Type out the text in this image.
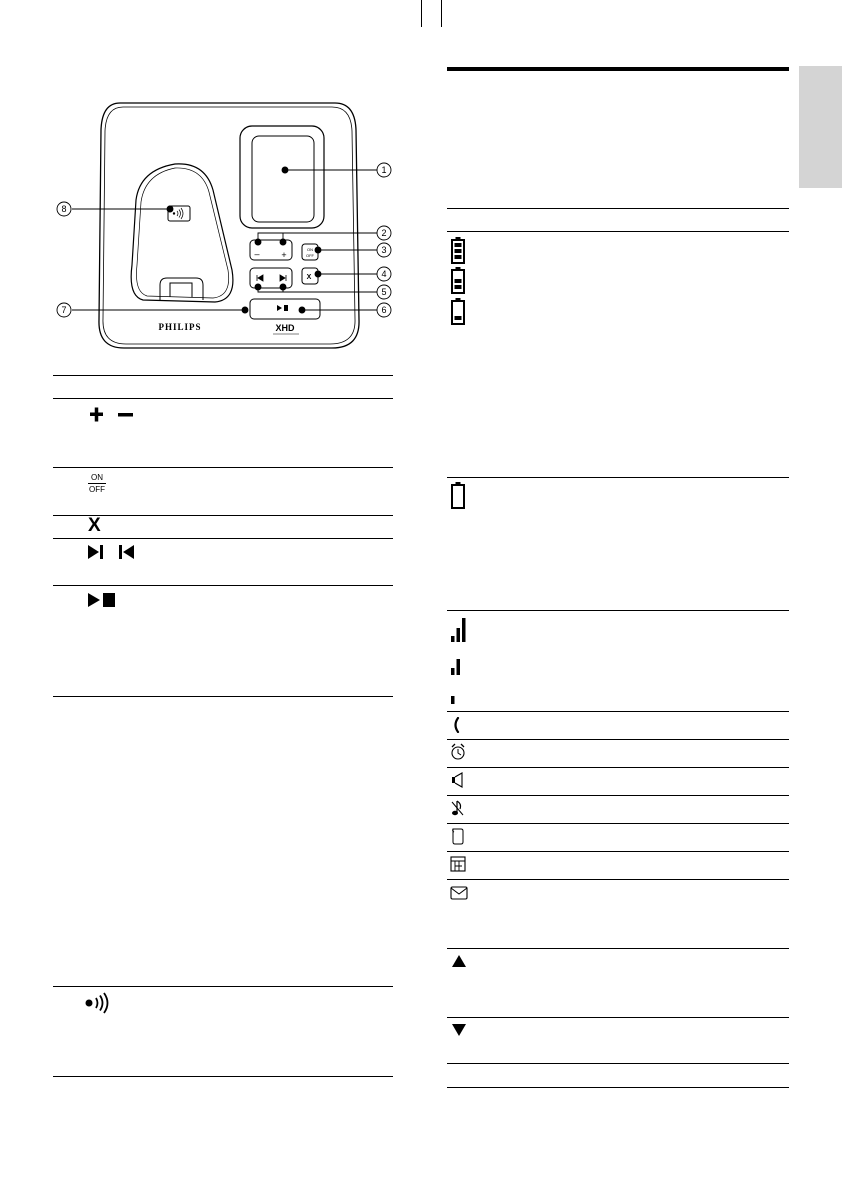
1
2
3
4
5
6
7
8
– +
ON
OFF
X
PHILIPS	XHD
ON
OFF
X
